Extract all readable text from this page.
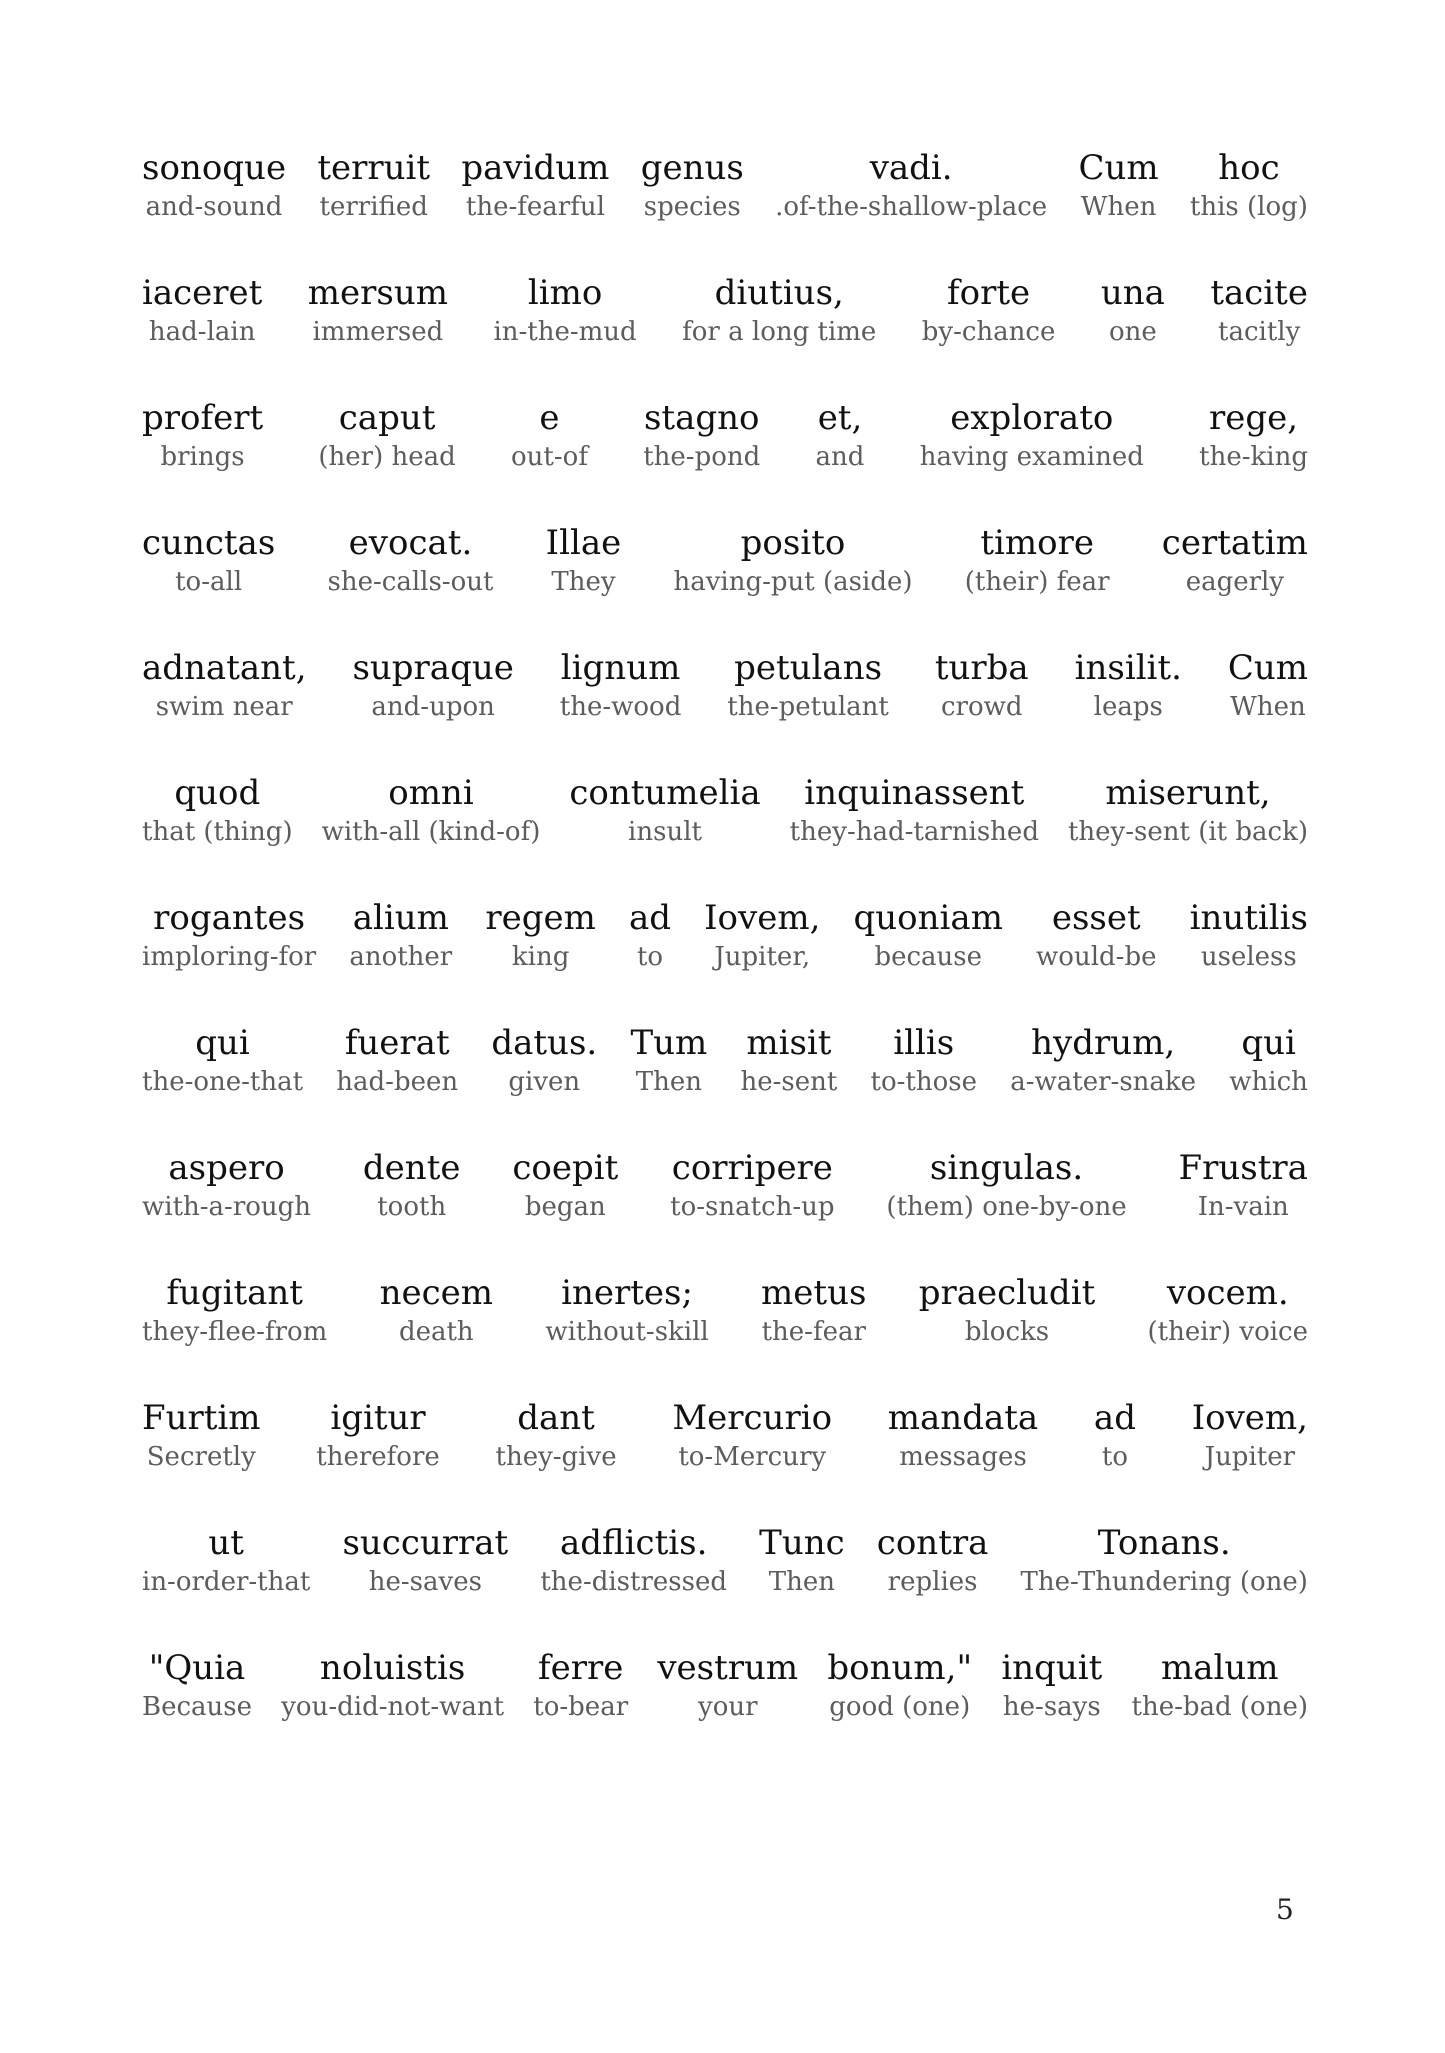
sonoque
and-sound
terruit
terrified
pavidum
the-fearful
genus
species
vadi.
.of-the-shallow-place
Cum
When
hoc
this (log)
iaceret
had-lain
mersum
immersed
limo
in-the-mud
diutius,
for a long time
forte
by-chance
una
one
tacite
tacitly
profert
brings
caput
(her) head
e
out-of
stagno
the-pond
et,
and
explorato
having examined
rege,
the-king
cunctas
to-all
evocat.
she-calls-out
Illae
They
posito
having-put (aside)
timore
(their) fear
certatim
eagerly
adnatant,
swim near
supraque
and-upon
lignum
the-wood
petulans
the-petulant
turba
crowd
insilit.
leaps
Cum
When
quod
that (thing)
omni
with-all (kind-of)
contumelia
insult
inquinassent
they-had-tarnished
miserunt,
they-sent (it back)
rogantes
imploring-for
alium
another
regem
king
ad
to
Iovem,
Jupiter,
quoniam
because
esset
would-be
inutilis
useless
qui
the-one-that
fuerat
had-been
datus.
given
Tum
Then
misit
he-sent
illis
to-those
hydrum,
a-water-snake
qui
which
aspero
with-a-rough
dente
tooth
coepit
began
corripere
to-snatch-up
singulas.
(them) one-by-one
Frustra
In-vain
fugitant
they-flee-from
necem
death
inertes;
without-skill
metus
the-fear
praecludit
blocks
vocem.
(their) voice
Furtim
Secretly
igitur
therefore
dant
they-give
Mercurio
to-Mercury
mandata
messages
ad
to
Iovem,
Jupiter
ut
in-order-that
succurrat
he-saves
adflictis.
the-distressed
Tunc
Then
contra
replies
Tonans.
The-Thundering (one)
"Quia
Because
noluistis
you-did-not-want
ferre
to-bear
vestrum
your
bonum,"
good (one)
inquit
he-says
malum
the-bad (one)
5
